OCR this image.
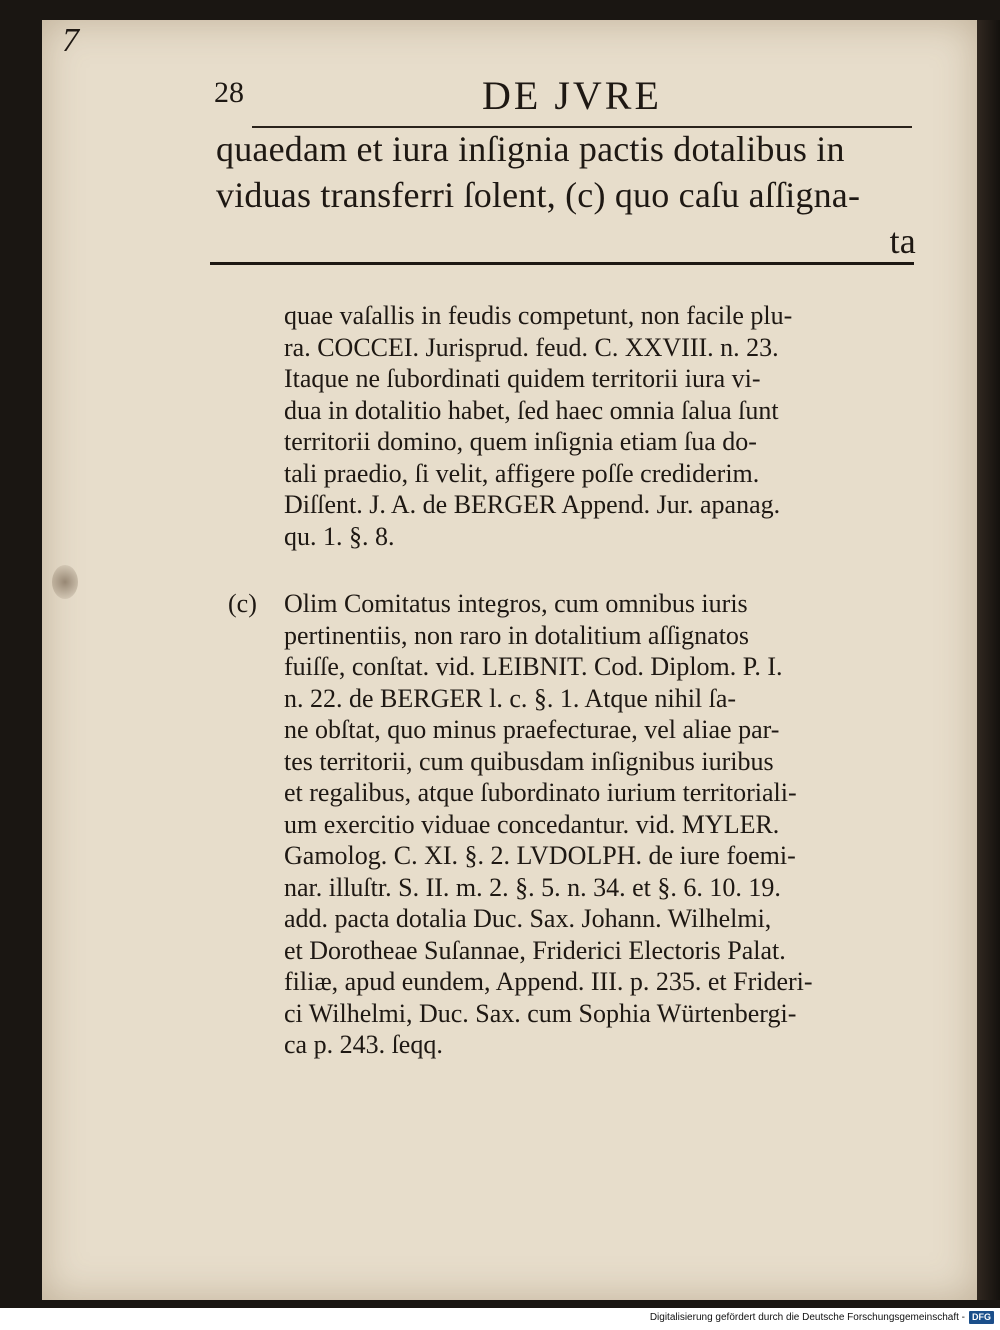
7
28	DE JVRE
quaedam et iura inſignia pactis dotalibus in
viduas transferri ſolent, (c) quo caſu aſſigna-
ta
quae vaſallis in feudis competunt, non facile plu-
ra. COCCEI. Jurisprud. feud. C. XXVIII. n. 23.
Itaque ne ſubordinati quidem territorii iura vi-
dua in dotalitio habet, ſed haec omnia ſalua ſunt
territorii domino, quem inſignia etiam ſua do-
tali praedio, ſi velit, affigere poſſe crediderim.
Diſſent. J. A. de BERGER Append. Jur. apanag.
qu. 1. §. 8.
(c)	Olim Comitatus integros, cum omnibus iuris
pertinentiis, non raro in dotalitium aſſignatos
fuiſſe, conſtat. vid. LEIBNIT. Cod. Diplom. P. I.
n. 22. de BERGER l. c. §. 1. Atque nihil ſa-
ne obſtat, quo minus praefecturae, vel aliae par-
tes territorii, cum quibusdam inſignibus iuribus
et regalibus, atque ſubordinato iurium territoriali-
um exercitio viduae concedantur. vid. MYLER.
Gamolog. C. XI. §. 2. LVDOLPH. de iure foemi-
nar. illuſtr. S. II. m. 2. §. 5. n. 34. et §. 6. 10. 19.
add. pacta dotalia Duc. Sax. Johann. Wilhelmi,
et Dorotheae Suſannae, Friderici Electoris Palat.
filiæ, apud eundem, Append. III. p. 235. et Frideri-
ci Wilhelmi, Duc. Sax. cum Sophia Würtenbergi-
ca p. 243. ſeqq.
Digitalisierung gefördert durch die Deutsche Forschungsgemeinschaft - DFG
